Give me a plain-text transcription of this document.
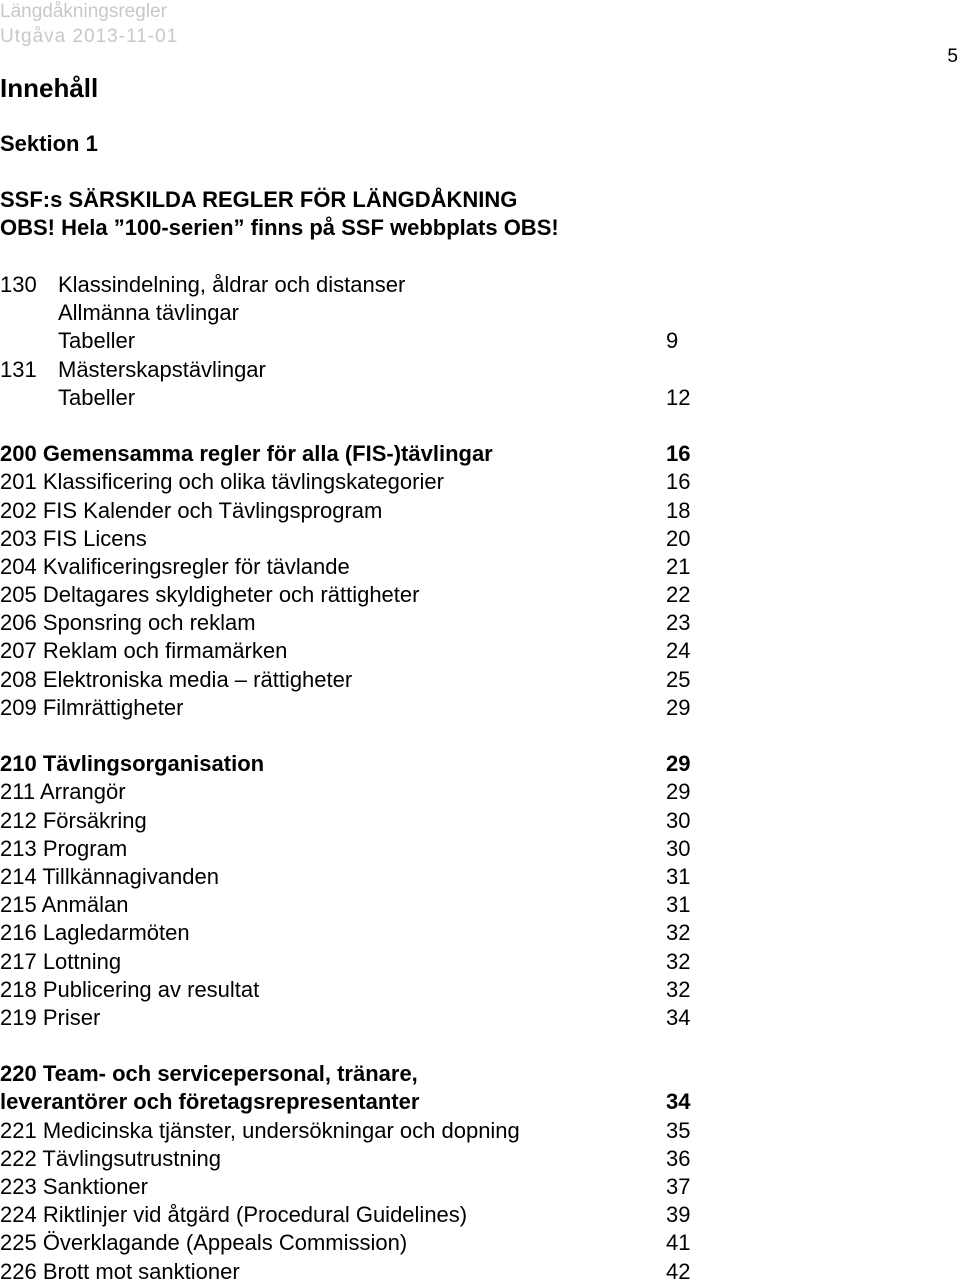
Längdåkningsregler
Utgåva 2013-11-01
5
Innehåll
Sektion 1
SSF:s SÄRSKILDA REGLER FÖR LÄNGDÅKNING
OBS! Hela ”100-serien” finns på SSF webbplats OBS!
130 Klassindelning, åldrar och distanser
Allmänna tävlingar
Tabeller	9
131 Mästerskapstävlingar
Tabeller	12
200 Gemensamma regler för alla (FIS-)tävlingar	16
201 Klassificering och olika tävlingskategorier	16
202 FIS Kalender och Tävlingsprogram	18
203 FIS Licens	20
204 Kvalificeringsregler för tävlande	21
205 Deltagares skyldigheter och rättigheter	22
206 Sponsring och reklam	23
207 Reklam och firmamärken	24
208 Elektroniska media – rättigheter	25
209 Filmrättigheter	29
210 Tävlingsorganisation	29
211 Arrangör	29
212 Försäkring	30
213 Program	30
214 Tillkännagivanden	31
215 Anmälan	31
216 Lagledarmöten	32
217 Lottning	32
218 Publicering av resultat	32
219 Priser	34
220 Team- och servicepersonal, tränare,
leverantörer och företagsrepresentanter	34
221 Medicinska tjänster, undersökningar och dopning	35
222 Tävlingsutrustning	36
223 Sanktioner	37
224 Riktlinjer vid åtgärd (Procedural Guidelines)	39
225 Överklagande (Appeals Commission)	41
226 Brott mot sanktioner	42
